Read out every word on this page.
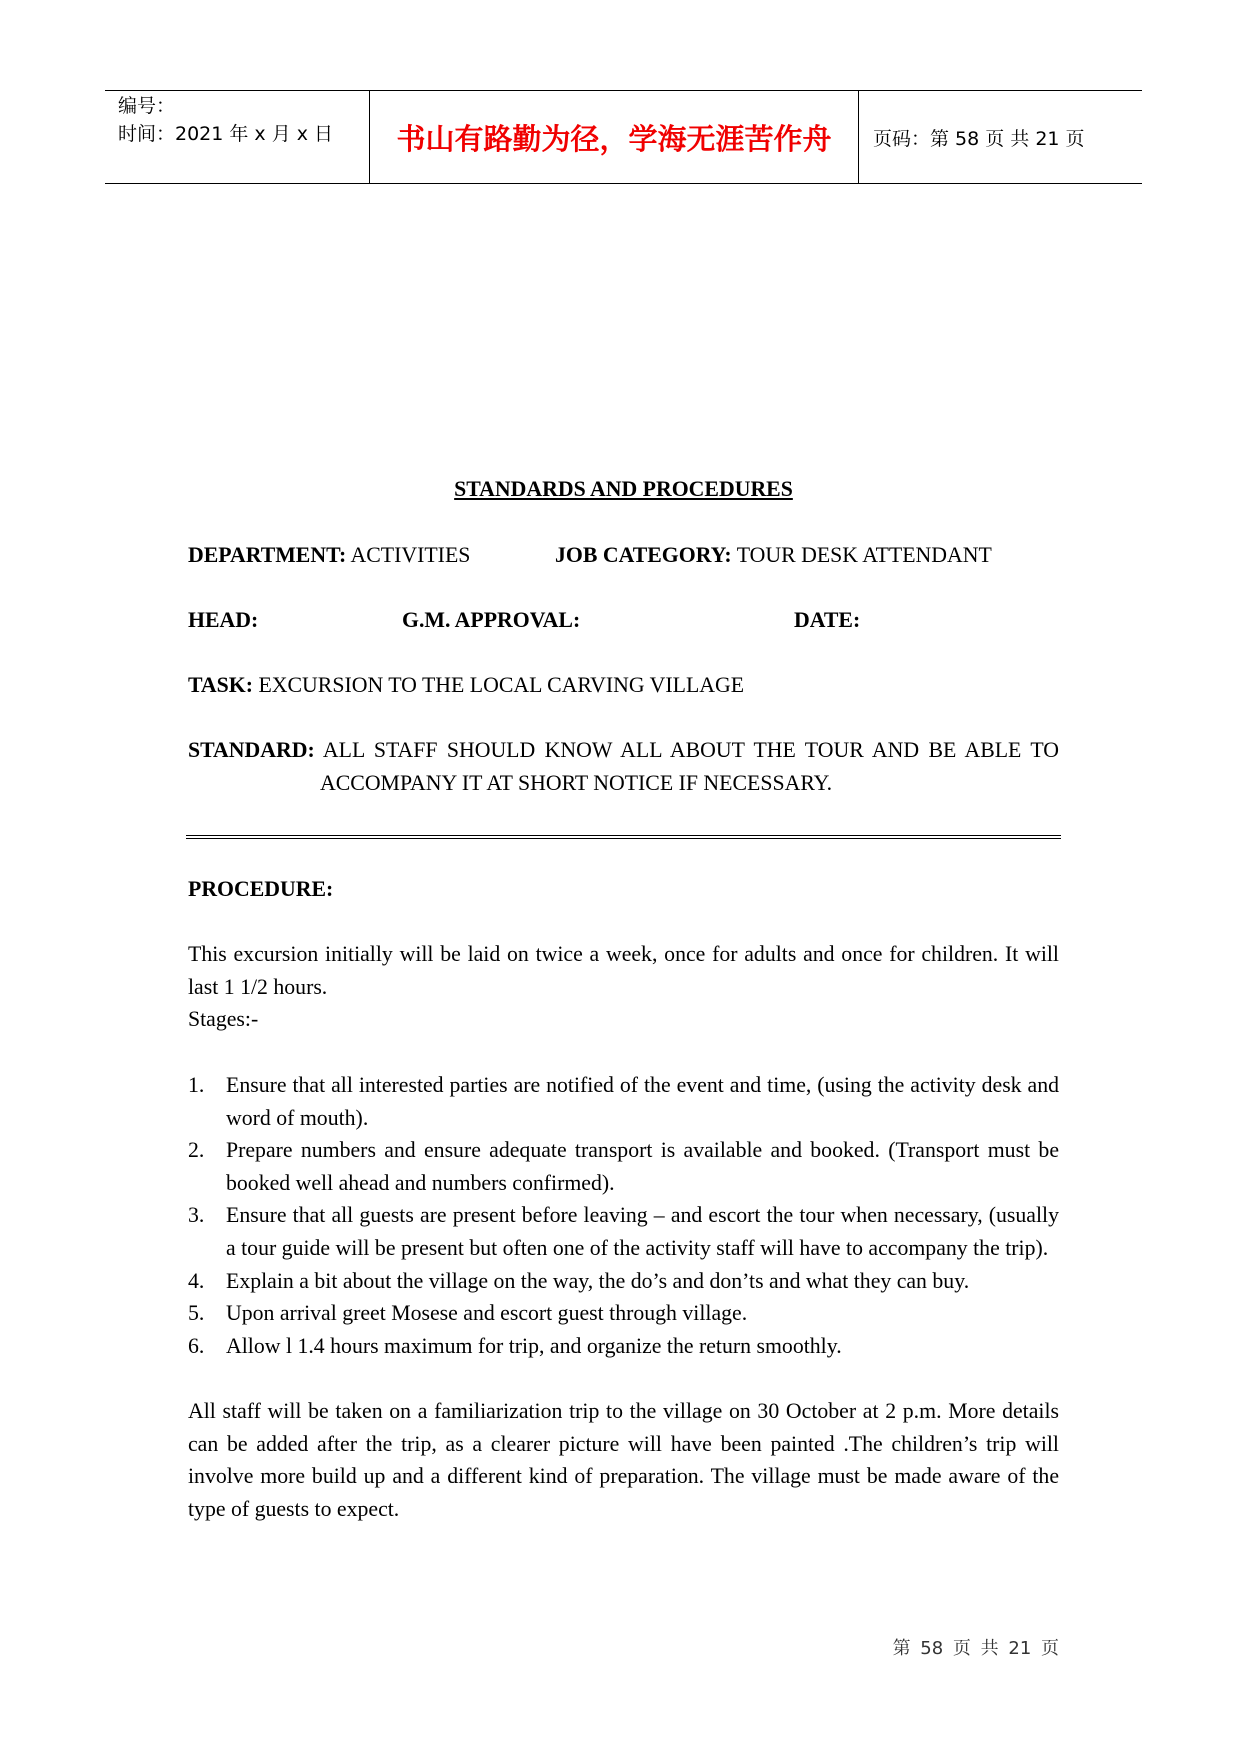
编号：
时间：2021 年 x 月 x 日 书山有路勤为径，学海无涯苦作舟 页码：第 58 页 共 21 页
STANDARDS AND PROCEDURES
DEPARTMENT: ACTIVITIES	JOB CATEGORY: TOUR DESK ATTENDANT
HEAD:	G.M. APPROVAL:	DATE:
TASK: EXCURSION TO THE LOCAL CARVING VILLAGE
STANDARD: ALL STAFF SHOULD KNOW ALL ABOUT THE TOUR AND BE ABLE TO ACCOMPANY IT AT SHORT NOTICE IF NECESSARY.
PROCEDURE:
This excursion initially will be laid on twice a week, once for adults and once for children. It will last 1 1/2 hours.
Stages:-
1. Ensure that all interested parties are notified of the event and time, (using the activity desk and word of mouth).
2. Prepare numbers and ensure adequate transport is available and booked. (Transport must be booked well ahead and numbers confirmed).
3. Ensure that all guests are present before leaving – and escort the tour when necessary, (usually a tour guide will be present but often one of the activity staff will have to accompany the trip).
4. Explain a bit about the village on the way, the do’s and don’ts and what they can buy.
5. Upon arrival greet Mosese and escort guest through village.
6. Allow l 1.4 hours maximum for trip, and organize the return smoothly.
All staff will be taken on a familiarization trip to the village on 30 October at 2 p.m. More details can be added after the trip, as a clearer picture will have been painted .The children’s trip will involve more build up and a different kind of preparation. The village must be made aware of the type of guests to expect.
第 58 页 共 21 页
